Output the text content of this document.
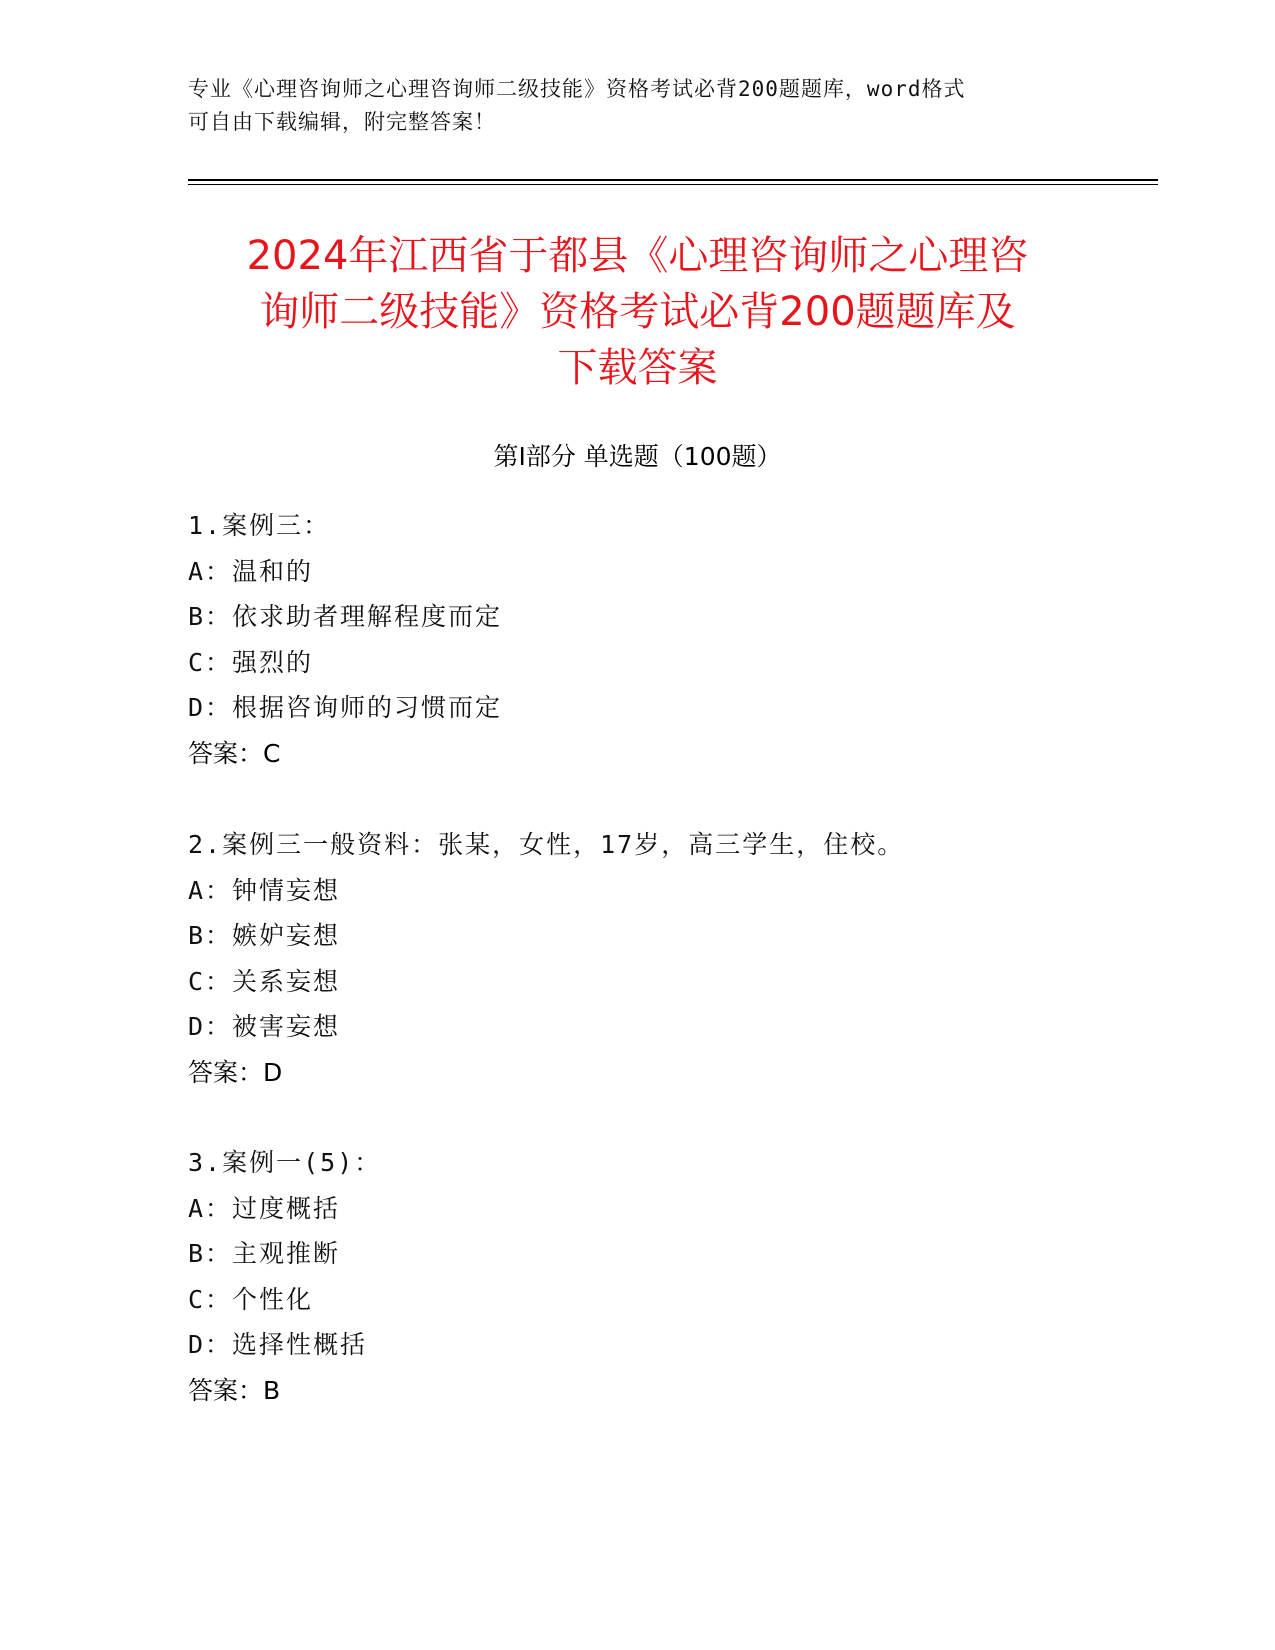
专业《心理咨询师之心理咨询师二级技能》资格考试必背200题题库，word格式
可自由下载编辑，附完整答案！
2024年江西省于都县《心理咨询师之心理咨
询师二级技能》资格考试必背200题题库及
下载答案
第Ⅰ部分 单选题（100题）
1.案例三：
A：温和的
B：依求助者理解程度而定
C：强烈的
D：根据咨询师的习惯而定
答案：C
2.案例三一般资料：张某，女性，17岁，高三学生，住校。
A：钟情妄想
B：嫉妒妄想
C：关系妄想
D：被害妄想
答案：D
3.案例一(5)：
A：过度概括
B：主观推断
C：个性化
D：选择性概括
答案：B
